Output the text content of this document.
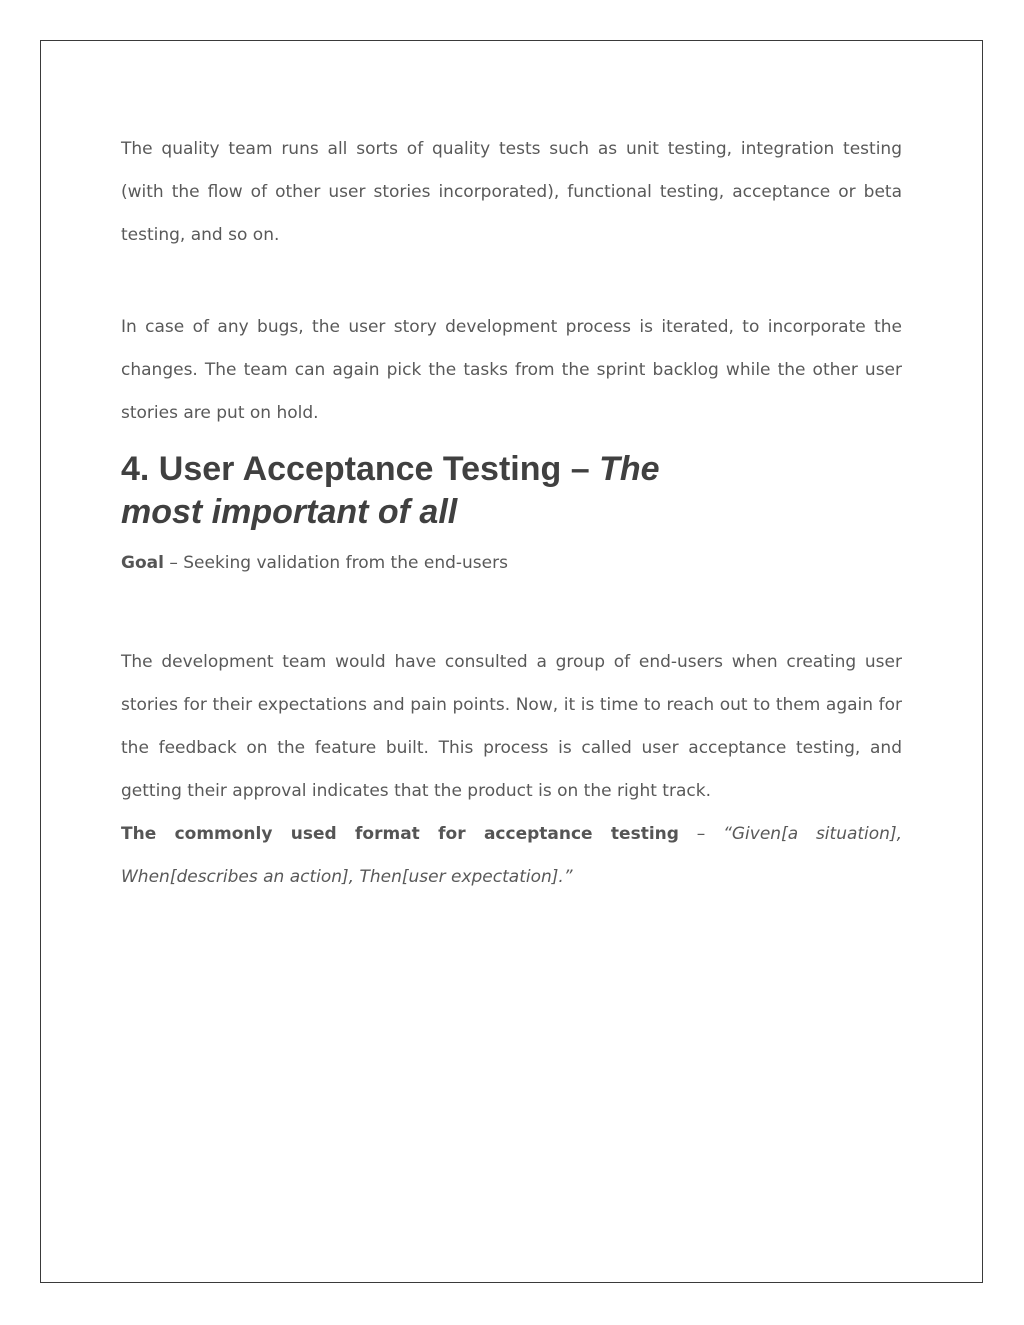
The quality team runs all sorts of quality tests such as unit testing, integration testing (with the flow of other user stories incorporated), functional testing, acceptance or beta testing, and so on.

In case of any bugs, the user story development process is iterated, to incorporate the changes. The team can again pick the tasks from the sprint backlog while the other user stories are put on hold.

4. User Acceptance Testing – The most important of all

Goal – Seeking validation from the end-users

The development team would have consulted a group of end-users when creating user stories for their expectations and pain points. Now, it is time to reach out to them again for the feedback on the feature built. This process is called user acceptance testing, and getting their approval indicates that the product is on the right track.

The commonly used format for acceptance testing – “Given[a situation], When[describes an action], Then[user expectation].”
